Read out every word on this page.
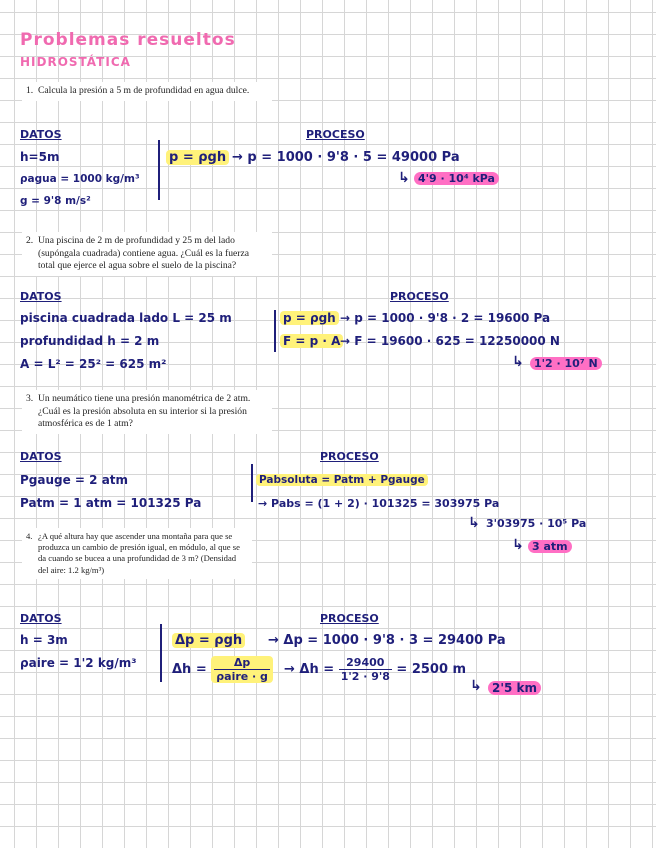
Problemas resueltos
HIDROSTÁTICA
1. Calcula la presión a 5 m de profundidad en agua dulce.
DATOS	PROCESO
h=5m
ρagua = 1000 kg/m³
g = 9'8 m/s²
p = ρgh → p = 1000 · 9'8 · 5 = 49000 Pa
↳ 4'9 · 10⁴ kPa
2. Una piscina de 2 m de profundidad y 25 m del lado (supóngala cuadrada) contiene agua. ¿Cuál es la fuerza total que ejerce el agua sobre el suelo de la piscina?
DATOS	PROCESO
piscina cuadrada lado L = 25 m
profundidad h = 2 m
A = L² = 25² = 625 m²
p = ρgh → p = 1000 · 9'8 · 2 = 19600 Pa
F = p · A → F = 19600 · 625 = 12250000 N
↳ 1'2 · 10⁷ N
3. Un neumático tiene una presión manométrica de 2 atm. ¿Cuál es la presión absoluta en su interior si la presión atmosférica es de 1 atm?
DATOS	PROCESO
Pgauge = 2 atm
Patm = 1 atm = 101325 Pa
Pabsoluta = Patm + Pgauge
→ Pabs = (1 + 2) · 101325 = 303975 Pa
↳ 3'03975 · 10⁵ Pa
↳ 3 atm
4. ¿A qué altura hay que ascender una montaña para que se produzca un cambio de presión igual, en módulo, al que se da cuando se bucea a una profundidad de 3 m? (Densidad del aire: 1.2 kg/m³)
DATOS	PROCESO
h = 3m
ρaire = 1'2 kg/m³
Δp = ρgh → Δp = 1000 · 9'8 · 3 = 29400 Pa
$\Delta h = \frac{\Delta p}{\text{ρaire · g}} \to \Delta h = \frac{29400}{1'2 \cdot 9'8} = 2500$ m
↳ 2'5 km
